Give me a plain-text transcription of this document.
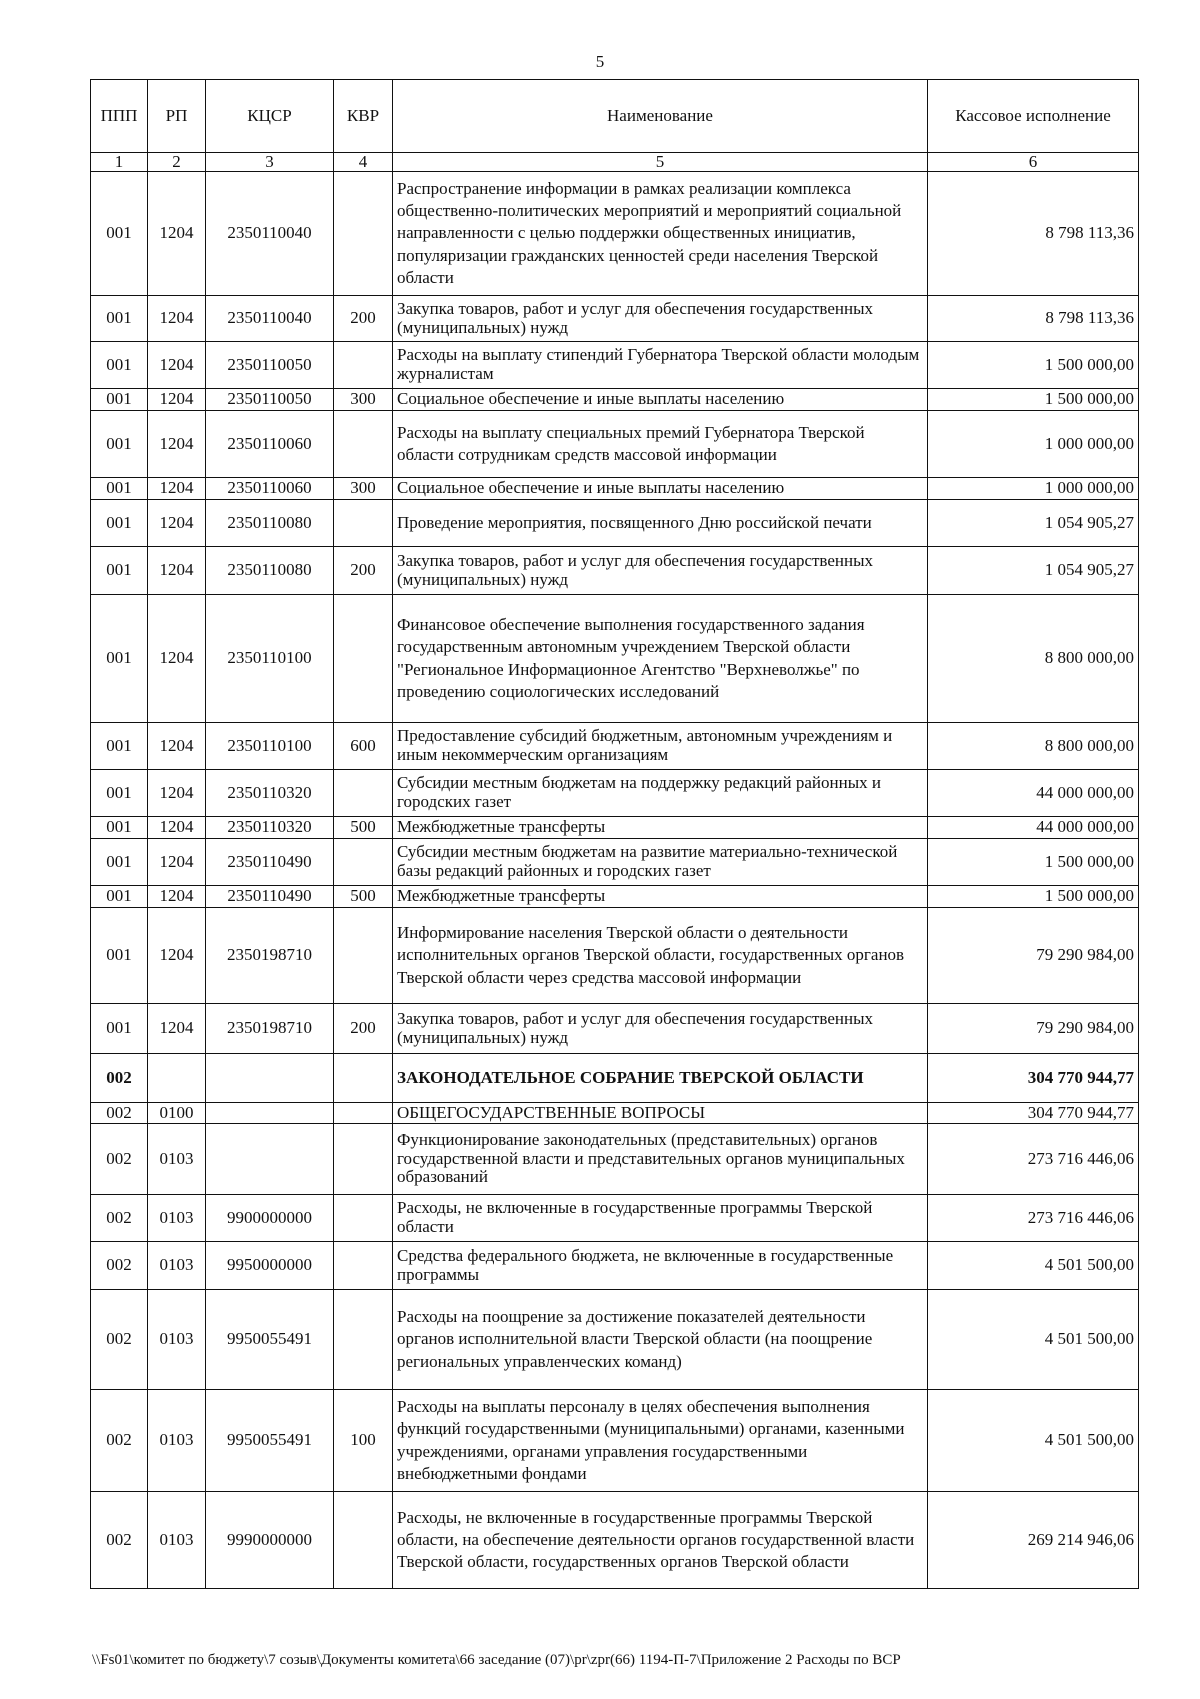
5
ППП	РП	КЦСР	КВР	Наименование	Кассовое исполнение
1	2	3	4	5	6
001	1204	2350110040		Распространение информации в рамках реализации комплекса общественно-политических мероприятий и мероприятий социальной направленности с целью поддержки общественных инициатив, популяризации гражданских ценностей среди населения Тверской области	8 798 113,36
001	1204	2350110040	200	Закупка товаров, работ и услуг для обеспечения государственных (муниципальных) нужд	8 798 113,36
001	1204	2350110050		Расходы на выплату стипендий Губернатора Тверской области молодым журналистам	1 500 000,00
001	1204	2350110050	300	Социальное обеспечение и иные выплаты населению	1 500 000,00
001	1204	2350110060		Расходы на выплату специальных премий Губернатора Тверской области сотрудникам средств массовой информации	1 000 000,00
001	1204	2350110060	300	Социальное обеспечение и иные выплаты населению	1 000 000,00
001	1204	2350110080		Проведение мероприятия, посвященного Дню российской печати	1 054 905,27
001	1204	2350110080	200	Закупка товаров, работ и услуг для обеспечения государственных (муниципальных) нужд	1 054 905,27
001	1204	2350110100		Финансовое обеспечение выполнения государственного задания государственным автономным учреждением Тверской области "Региональное Информационное Агентство "Верхневолжье" по проведению социологических исследований	8 800 000,00
001	1204	2350110100	600	Предоставление субсидий бюджетным, автономным учреждениям и иным некоммерческим организациям	8 800 000,00
001	1204	2350110320		Субсидии местным бюджетам на поддержку редакций районных и городских газет	44 000 000,00
001	1204	2350110320	500	Межбюджетные трансферты	44 000 000,00
001	1204	2350110490		Субсидии местным бюджетам на развитие материально-технической базы редакций районных и городских газет	1 500 000,00
001	1204	2350110490	500	Межбюджетные трансферты	1 500 000,00
001	1204	2350198710		Информирование населения Тверской области о деятельности исполнительных органов Тверской области, государственных органов Тверской области через средства массовой информации	79 290 984,00
001	1204	2350198710	200	Закупка товаров, работ и услуг для обеспечения государственных (муниципальных) нужд	79 290 984,00
002				ЗАКОНОДАТЕЛЬНОЕ СОБРАНИЕ ТВЕРСКОЙ ОБЛАСТИ	304 770 944,77
002	0100			ОБЩЕГОСУДАРСТВЕННЫЕ ВОПРОСЫ	304 770 944,77
002	0103			Функционирование законодательных (представительных) органов государственной власти и представительных органов муниципальных образований	273 716 446,06
002	0103	9900000000		Расходы, не включенные в государственные программы Тверской области	273 716 446,06
002	0103	9950000000		Средства федерального бюджета, не включенные в государственные программы	4 501 500,00
002	0103	9950055491		Расходы на поощрение за достижение показателей деятельности органов исполнительной власти Тверской области (на поощрение региональных управленческих команд)	4 501 500,00
002	0103	9950055491	100	Расходы на выплаты персоналу в целях обеспечения выполнения функций государственными (муниципальными) органами, казенными учреждениями, органами управления государственными внебюджетными фондами	4 501 500,00
002	0103	9990000000		Расходы, не включенные в государственные программы Тверской области, на обеспечение деятельности органов государственной власти Тверской области, государственных органов Тверской области	269 214 946,06
\\Fs01\комитет по бюджету\7 созыв\Документы комитета\66 заседание (07)\pr\zpr(66) 1194-П-7\Приложение 2 Расходы по ВСР
